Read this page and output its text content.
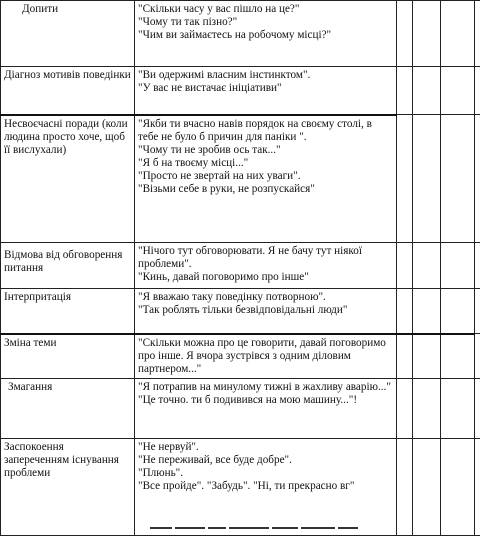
Допити	"Скільки часу у вас пішло на це?"
"Чому ти так пізно?"
"Чим ви займаєтесь на робочому місці?"				

Діагноз мотивів поведінки	"Ви одержимі власним інстинктом".
"У вас не вистачає ініціативи"				

Несвоєчасні поради (коли людина просто хоче, щоб її вислухали)	"Якби ти вчасно навів порядок на своєму столі, в тебе не було б причин для паніки ".
"Чому ти не зробив ось так..."
"Я б на твоєму місці..."
"Просто не звертай на них уваги".
"Візьми себе в руки, не розпускайся"				

Відмова від обговорення питання	"Нічого тут обговорювати. Я не бачу тут ніякої проблеми".
"Кинь, давай поговоримо про інше"				

Інтерпритація	"Я вважаю таку поведінку потворною".
"Так роблять тільки безвідповідальні люди"				

Зміна теми	"Скільки можна про це говорити, давай поговоримо про інше. Я вчора зустрівся з одним діловим партнером..."				

Змагання	"Я потрапив на минулому тижні в жахливу аварію..."
"Це точно. ти б подивився на мою машину..."!				

Заспокоення запереченням існування проблеми	"Не нервуй".
"Не переживай, все буде добре".
"Плюнь".
"Все пройде". "Забудь". "Ні, ти прекрасно вг"				
